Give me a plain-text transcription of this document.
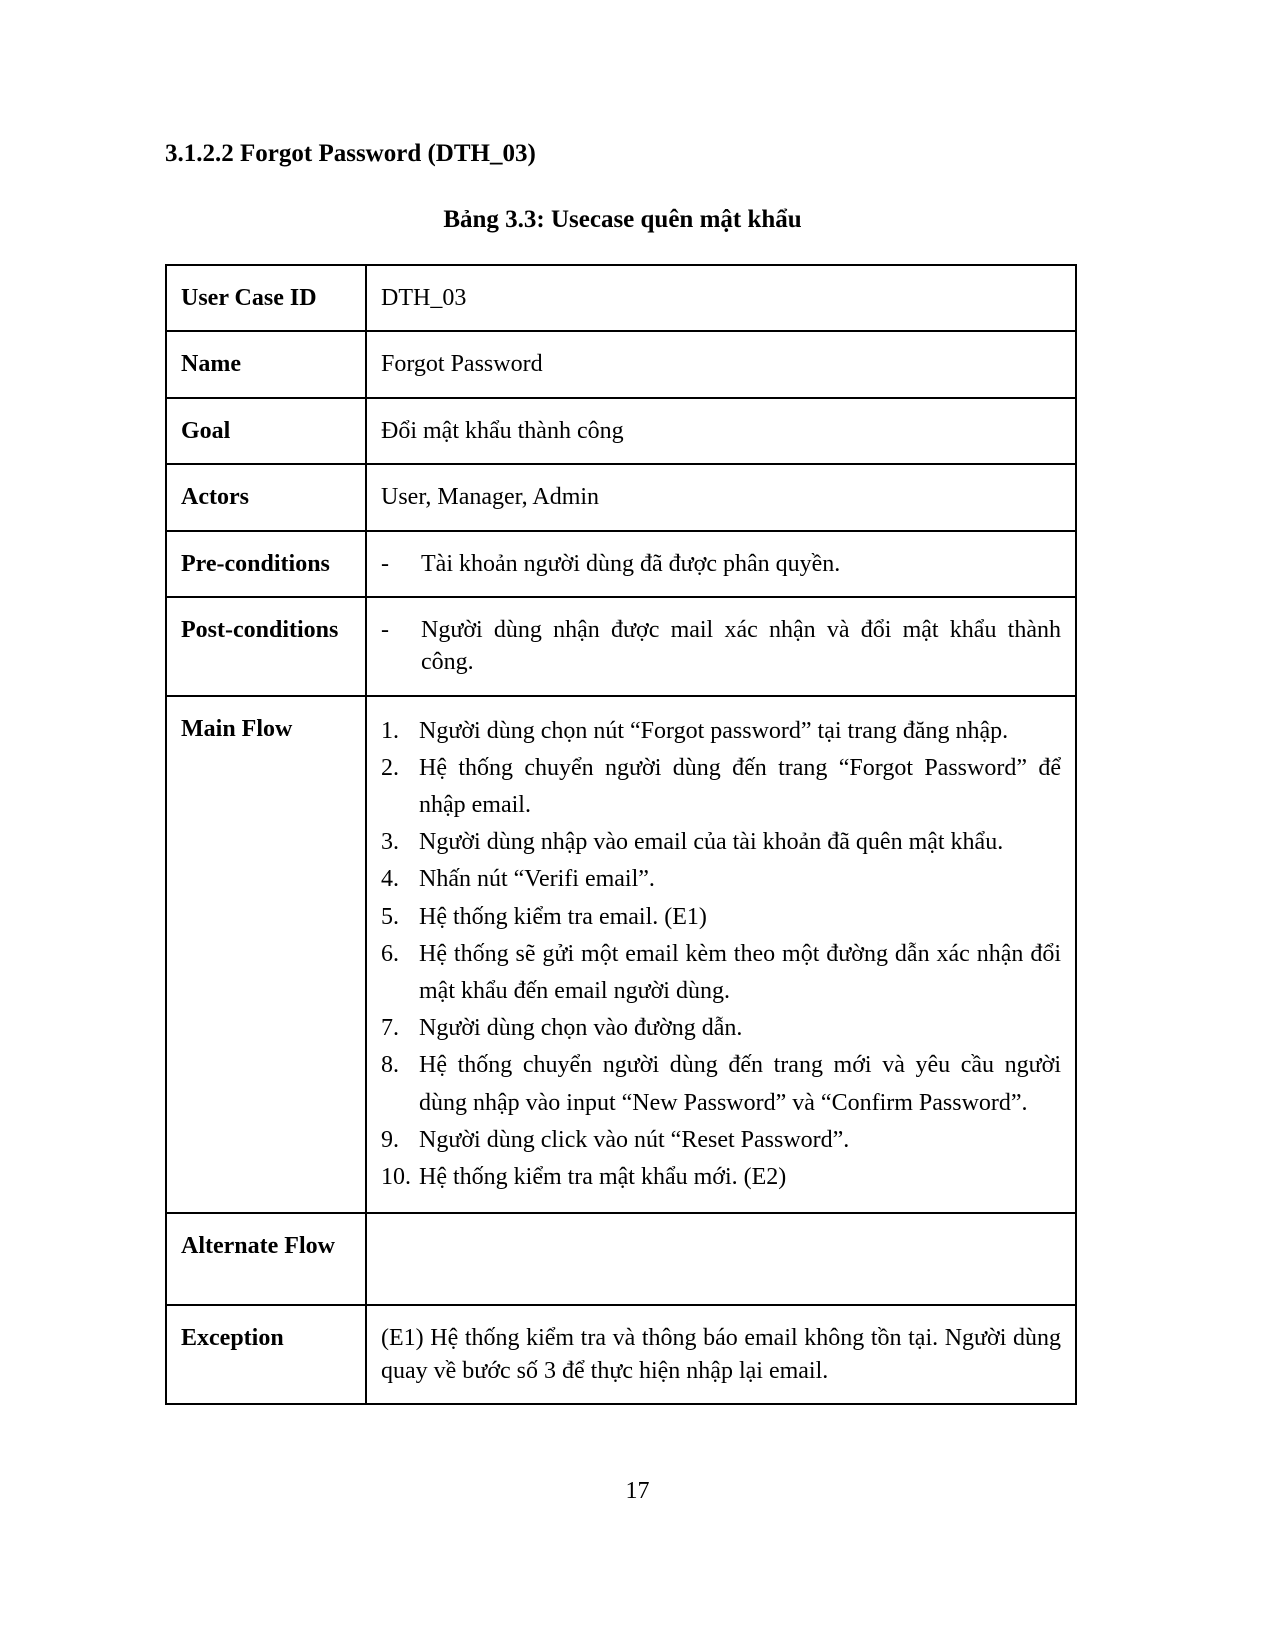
3.1.2.2 Forgot Password (DTH_03)

Bảng 3.3: Usecase quên mật khẩu

User Case ID	DTH_03
Name	Forgot Password
Goal	Đổi mật khẩu thành công
Actors	User, Manager, Admin
Pre-conditions	- Tài khoản người dùng đã được phân quyền.

Post-conditions	- Người dùng nhận được mail xác nhận và đổi mật khẩu thành công.

Main Flow	1. Người dùng chọn nút “Forgot password” tại trang đăng nhập.
2. Hệ thống chuyển người dùng đến trang “Forgot Password” để nhập email.
3. Người dùng nhập vào email của tài khoản đã quên mật khẩu.
4. Nhấn nút “Verifi email”.
5. Hệ thống kiểm tra email. (E1)
6. Hệ thống sẽ gửi một email kèm theo một đường dẫn xác nhận đổi mật khẩu đến email người dùng.
7. Người dùng chọn vào đường dẫn.
8. Hệ thống chuyển người dùng đến trang mới và yêu cầu người dùng nhập vào input “New Password” và “Confirm Password”.
9. Người dùng click vào nút “Reset Password”.
10. Hệ thống kiểm tra mật khẩu mới. (E2)

Alternate Flow	
Exception	(E1) Hệ thống kiểm tra và thông báo email không tồn tại. Người dùng quay về bước số 3 để thực hiện nhập lại email.
17
